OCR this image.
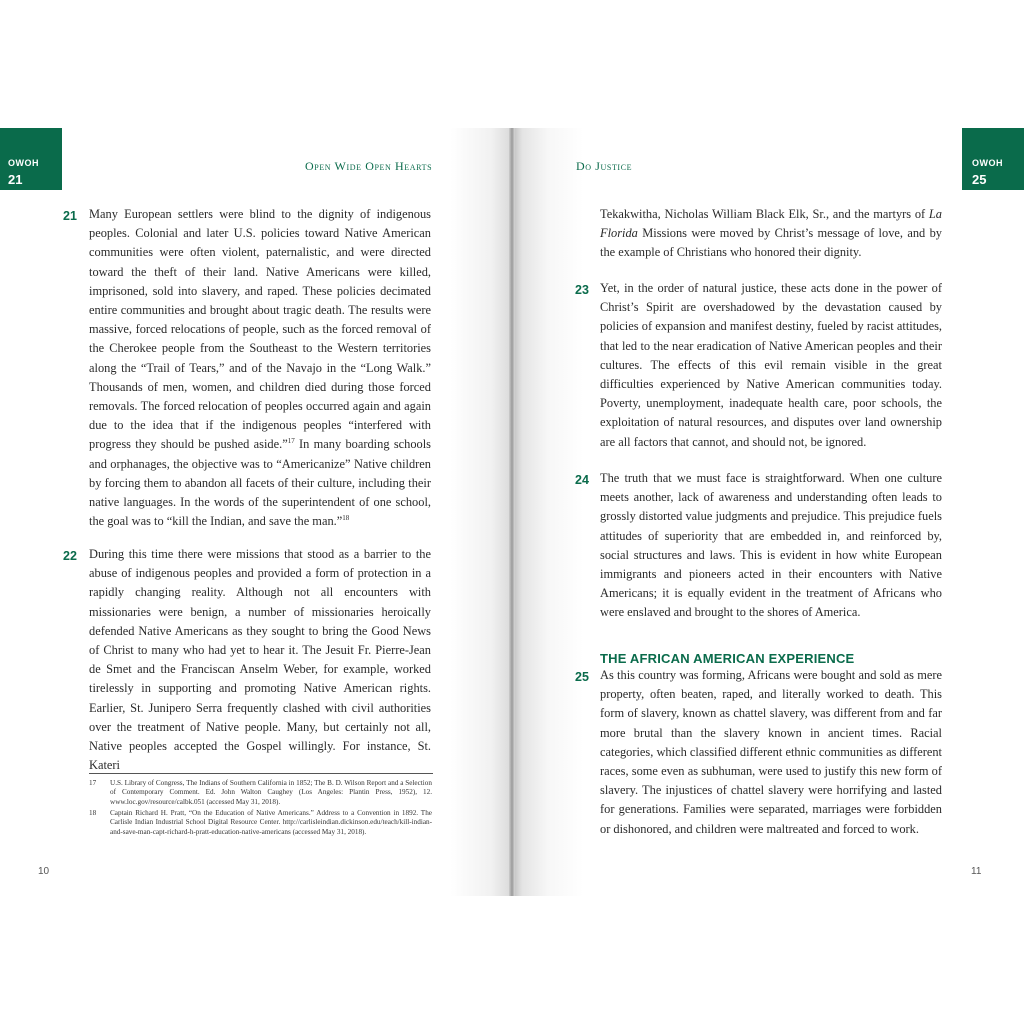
OWOH
21
Open Wide Open Hearts
21 Many European settlers were blind to the dignity of indigenous peoples. Colonial and later U.S. policies toward Native American communities were often violent, paternalistic, and were directed toward the theft of their land. Native Americans were killed, imprisoned, sold into slavery, and raped. These policies decimated entire communities and brought about tragic death. The results were massive, forced relocations of people, such as the forced removal of the Cherokee people from the Southeast to the Western territories along the “Trail of Tears,” and of the Navajo in the “Long Walk.” Thousands of men, women, and children died during those forced removals. The forced relocation of peoples occurred again and again due to the idea that if the indigenous peoples “interfered with progress they should be pushed aside.”$^{17}$ In many boarding schools and orphanages, the objective was to “Americanize” Native children by forcing them to abandon all facets of their culture, including their native languages. In the words of the superintendent of one school, the goal was to “kill the Indian, and save the man.”$^{18}$
22 During this time there were missions that stood as a barrier to the abuse of indigenous peoples and provided a form of protection in a rapidly changing reality. Although not all encounters with missionaries were benign, a number of missionaries heroically defended Native Americans as they sought to bring the Good News of Christ to many who had yet to hear it. The Jesuit Fr. Pierre-Jean de Smet and the Franciscan Anselm Weber, for example, worked tirelessly in supporting and promoting Native American rights. Earlier, St. Junipero Serra frequently clashed with civil authorities over the treatment of Native people. Many, but certainly not all, Native peoples accepted the Gospel willingly. For instance, St. Kateri
17 U.S. Library of Congress, The Indians of Southern California in 1852; The B. D. Wilson Report and a Selection of Contemporary Comment. Ed. John Walton Caughey (Los Angeles: Plantin Press, 1952), 12. www.loc.gov/resource/calbk.051 (accessed May 31, 2018).
18 Captain Richard H. Pratt, “On the Education of Native Americans.” Address to a Convention in 1892. The Carlisle Indian Industrial School Digital Resource Center. http://carlisleindian.dickinson.edu/teach/kill-indian-and-save-man-capt-richard-h-pratt-education-native-americans (accessed May 31, 2018).
10
Do Justice
11
OWOH
25
Tekakwitha, Nicholas William Black Elk, Sr., and the martyrs of La Florida Missions were moved by Christ’s message of love, and by the example of Christians who honored their dignity.
23 Yet, in the order of natural justice, these acts done in the power of Christ’s Spirit are overshadowed by the devastation caused by policies of expansion and manifest destiny, fueled by racist attitudes, that led to the near eradication of Native American peoples and their cultures. The effects of this evil remain visible in the great difficulties experienced by Native American communities today. Poverty, unemployment, inadequate health care, poor schools, the exploitation of natural resources, and disputes over land ownership are all factors that cannot, and should not, be ignored.
24 The truth that we must face is straightforward. When one culture meets another, lack of awareness and understanding often leads to grossly distorted value judgments and prejudice. This prejudice fuels attitudes of superiority that are embedded in, and reinforced by, social structures and laws. This is evident in how white European immigrants and pioneers acted in their encounters with Native Americans; it is equally evident in the treatment of Africans who were enslaved and brought to the shores of America.
THE AFRICAN AMERICAN EXPERIENCE
25 As this country was forming, Africans were bought and sold as mere property, often beaten, raped, and literally worked to death. This form of slavery, known as chattel slavery, was different from and far more brutal than the slavery known in ancient times. Racial categories, which classified different ethnic communities as different races, some even as subhuman, were used to justify this new form of slavery. The injustices of chattel slavery were horrifying and lasted for generations. Families were separated, marriages were forbidden or dishonored, and children were maltreated and forced to work.
